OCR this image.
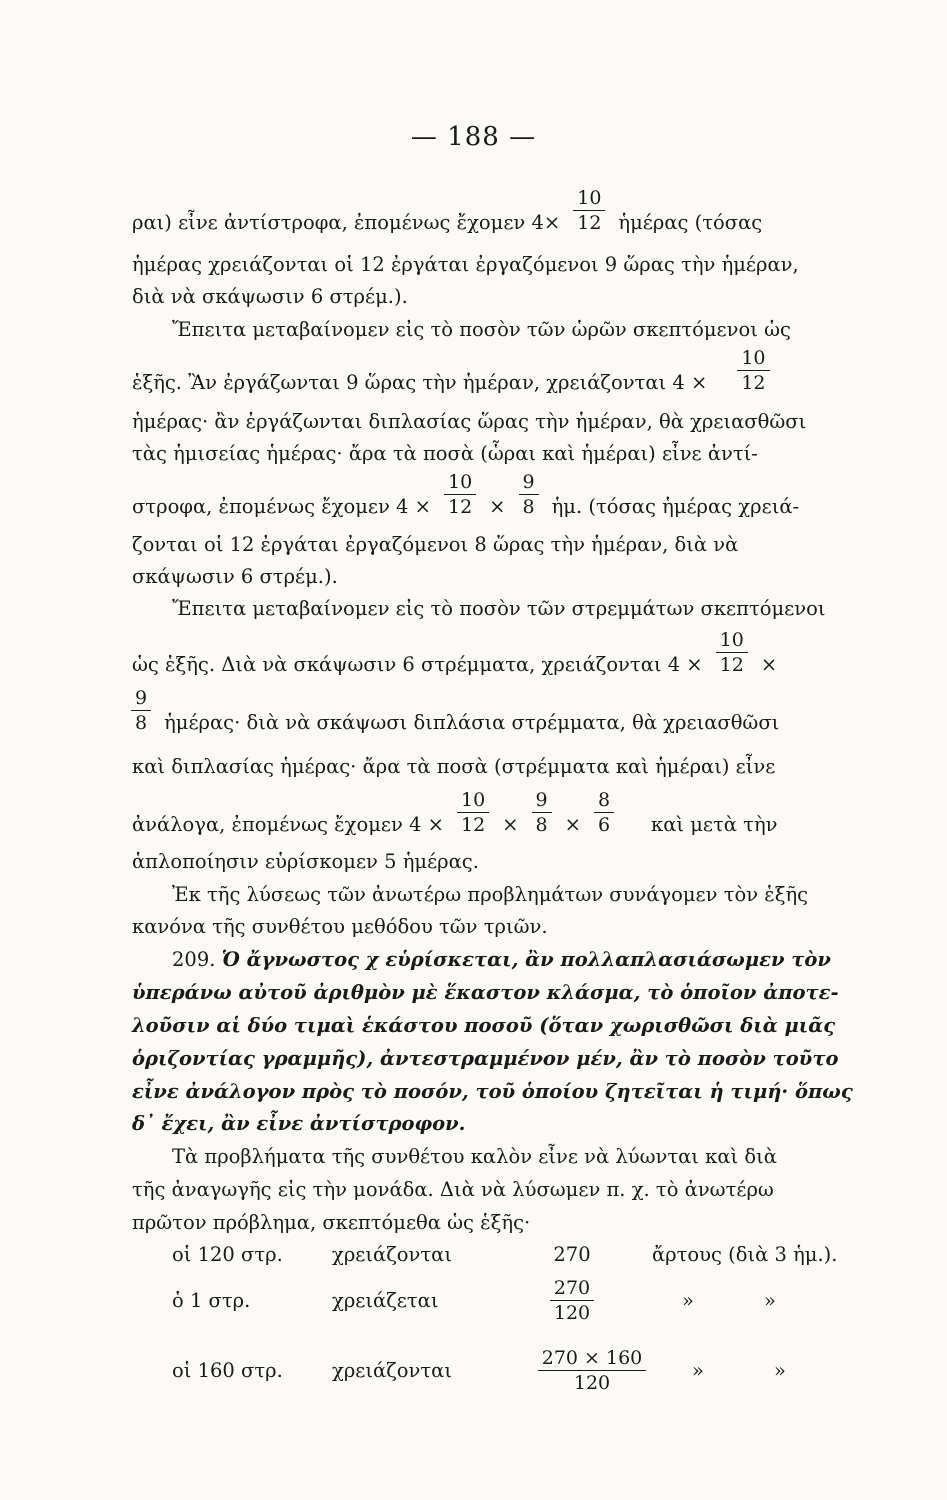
— 188 —
ραι) εἶνε ἀντίστροφα, ἐπομένως ἔχομεν $4\times \frac{10}{12}$ ἡμέρας (τόσας
ἡμέρας χρειάζονται οἱ 12 ἐργάται ἐργαζόμενοι 9 ὥρας τὴν ἡμέραν,
διὰ νὰ σκάψωσιν 6 στρέμ.).
Ἔπειτα μεταβαίνομεν εἰς τὸ ποσὸν τῶν ὡρῶν σκεπτόμενοι ὡς
ἑξῆς. Ἂν ἐργάζωνται 9 ὥρας τὴν ἡμέραν, χρειάζονται $4 \times \frac{10}{12}$
ἡμέρας· ἂν ἐργάζωνται διπλασίας ὥρας τὴν ἡμέραν, θὰ χρειασθῶσι
τὰς ἡμισείας ἡμέρας· ἄρα τὰ ποσὰ (ὧραι καὶ ἡμέραι) εἶνε ἀντί-
στροφα, ἐπομένως ἔχομεν $4 \times \frac{10}{12} \times \frac{9}{8}$ ἡμ. (τόσας ἡμέρας χρειά-
ζονται οἱ 12 ἐργάται ἐργαζόμενοι 8 ὥρας τὴν ἡμέραν, διὰ νὰ
σκάψωσιν 6 στρέμ.).
Ἔπειτα μεταβαίνομεν εἰς τὸ ποσὸν τῶν στρεμμάτων σκεπτόμενοι
ὡς ἑξῆς. Διὰ νὰ σκάψωσιν 6 στρέμματα, χρειάζονται $4 \times \frac{10}{12}$ ×
$\frac{9}{8}$ ἡμέρας· διὰ νὰ σκάψωσι διπλάσια στρέμματα, θὰ χρειασθῶσι
καὶ διπλασίας ἡμέρας· ἄρα τὰ ποσὰ (στρέμματα καὶ ἡμέραι) εἶνε
ἀνάλογα, ἐπομένως ἔχομεν $4 \times \frac{10}{12} \times \frac{9}{8} \times \frac{8}{6}$ καὶ μετὰ τὴν
ἁπλοποίησιν εὑρίσκομεν 5 ἡμέρας.
Ἐκ τῆς λύσεως τῶν ἀνωτέρω προβλημάτων συνάγομεν τὸν ἑξῆς
κανόνα τῆς συνθέτου μεθόδου τῶν τριῶν.
209. Ὁ ἄγνωστος χ εὑρίσκεται, ἂν πολλαπλασιάσωμεν τὸν
ὑπεράνω αὐτοῦ ἀριθμὸν μὲ ἕκαστον κλάσμα, τὸ ὁποῖον ἀποτε-
λοῦσιν αἱ δύο τιμαὶ ἑκάστου ποσοῦ (ὅταν χωρισθῶσι διὰ μιᾶς
ὁριζοντίας γραμμῆς), ἀντεστραμμένον μέν, ἂν τὸ ποσὸν τοῦτο
εἶνε ἀνάλογον πρὸς τὸ ποσόν, τοῦ ὁποίου ζητεῖται ἡ τιμή· ὅπως
δ᾽ ἔχει, ἂν εἶνε ἀντίστροφον.
Τὰ προβλήματα τῆς συνθέτου καλὸν εἶνε νὰ λύωνται καὶ διὰ
τῆς ἀναγωγῆς εἰς τὴν μονάδα. Διὰ νὰ λύσωμεν π. χ. τὸ ἀνωτέρω
πρῶτον πρόβλημα, σκεπτόμεθα ὡς ἑξῆς·
οἱ 120 στρ.	χρειάζονται	270	ἄρτους (διὰ 3 ἡμ.).
ὁ 1 στρ.	χρειάζεται	$\frac{270}{120}$	»	»
οἱ 160 στρ.	χρειάζονται	$\frac{270 \times 160}{120}$ »	»
